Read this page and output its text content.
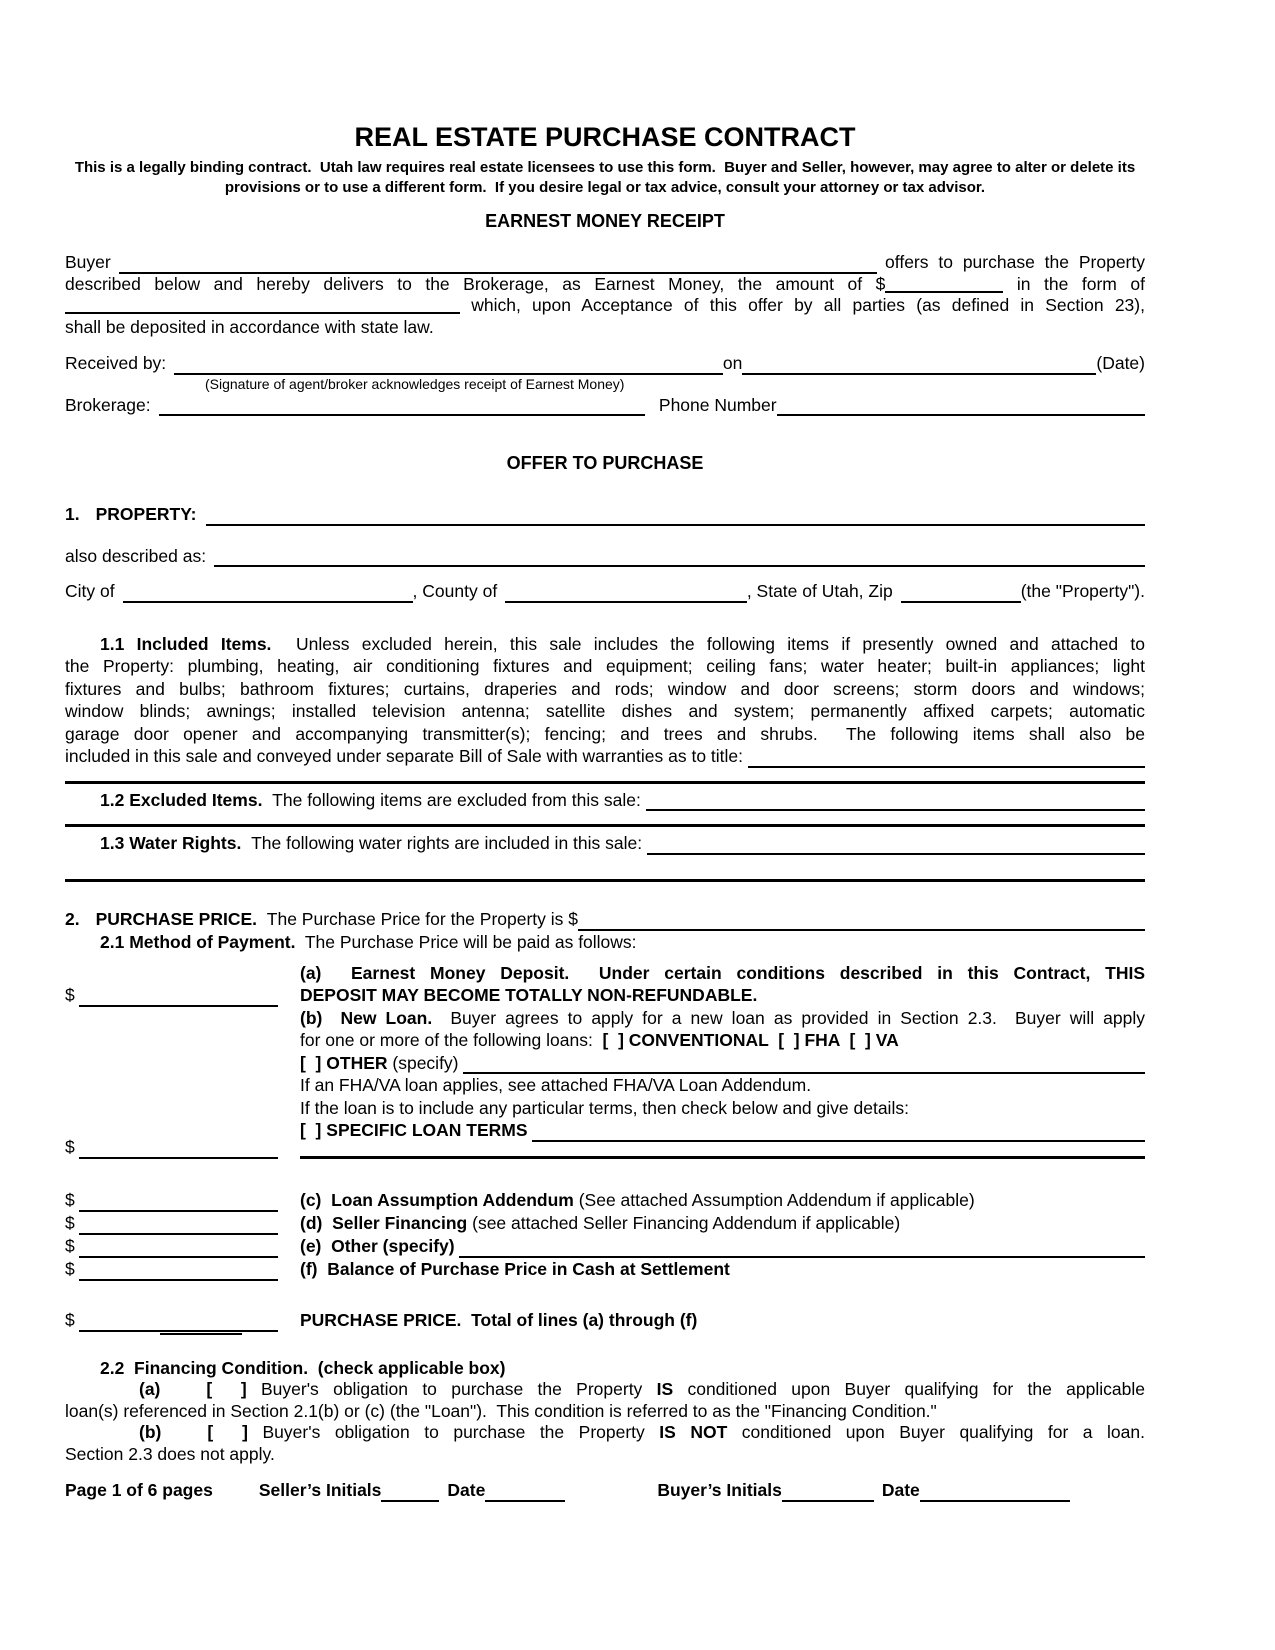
REAL ESTATE PURCHASE CONTRACT
This is a legally binding contract.  Utah law requires real estate licensees to use this form.  Buyer and Seller, however, may agree to alter or delete its provisions or to use a different form.  If you desire legal or tax advice, consult your attorney or tax advisor.
EARNEST MONEY RECEIPT
Buyer	offers to purchase the Property
described below and hereby delivers to the Brokerage, as Earnest Money, the amount of $	in the form of
which, upon Acceptance of this offer by all parties (as defined in Section 23),
shall be deposited in accordance with state law.
Received by:	on	(Date)
(Signature of agent/broker acknowledges receipt of Earnest Money)
Brokerage:	Phone Number
OFFER TO PURCHASE
1. PROPERTY:
also described as:
City of	, County of	, State of Utah, Zip	(the "Property").
1.1 Included Items.  Unless excluded herein, this sale includes the following items if presently owned and attached to
the Property: plumbing, heating, air conditioning fixtures and equipment; ceiling fans; water heater; built-in appliances; light
fixtures and bulbs; bathroom fixtures; curtains, draperies and rods; window and door screens; storm doors and windows;
window blinds; awnings; installed television antenna; satellite dishes and system; permanently affixed carpets; automatic
garage door opener and accompanying transmitter(s); fencing; and trees and shrubs.  The following items shall also be
included in this sale and conveyed under separate Bill of Sale with warranties as to title:
1.2 Excluded Items. The following items are excluded from this sale:
1.3 Water Rights. The following water rights are included in this sale:
2. PURCHASE PRICE. The Purchase Price for the Property is $
2.1 Method of Payment.  The Purchase Price will be paid as follows:
$
(a)  Earnest Money Deposit.  Under certain conditions described in this Contract, THIS
DEPOSIT MAY BECOME TOTALLY NON-REFUNDABLE.
$
(b)  New Loan.  Buyer agrees to apply for a new loan as provided in Section 2.3.  Buyer will apply
for one or more of the following loans:  [  ] CONVENTIONAL  [  ] FHA  [  ] VA
[  ] OTHER (specify)
If an FHA/VA loan applies, see attached FHA/VA Loan Addendum.
If the loan is to include any particular terms, then check below and give details:
[  ] SPECIFIC LOAN TERMS
$	(c)  Loan Assumption Addendum (See attached Assumption Addendum if applicable)
$	(d)  Seller Financing (see attached Seller Financing Addendum if applicable)
$	(e)  Other (specify)
$	(f)  Balance of Purchase Price in Cash at Settlement
$	PURCHASE PRICE.  Total of lines (a) through (f)
2.2  Financing Condition.  (check applicable box)
(a)	[  ] Buyer's obligation to purchase the Property IS conditioned upon Buyer qualifying for the applicable
loan(s) referenced in Section 2.1(b) or (c) (the "Loan").  This condition is referred to as the "Financing Condition."
(b)	[  ] Buyer's obligation to purchase the Property IS NOT conditioned upon Buyer qualifying for a loan.
Section 2.3 does not apply.
Page 1 of 6 pages	Seller’s Initials	Date	Buyer’s Initials	Date
